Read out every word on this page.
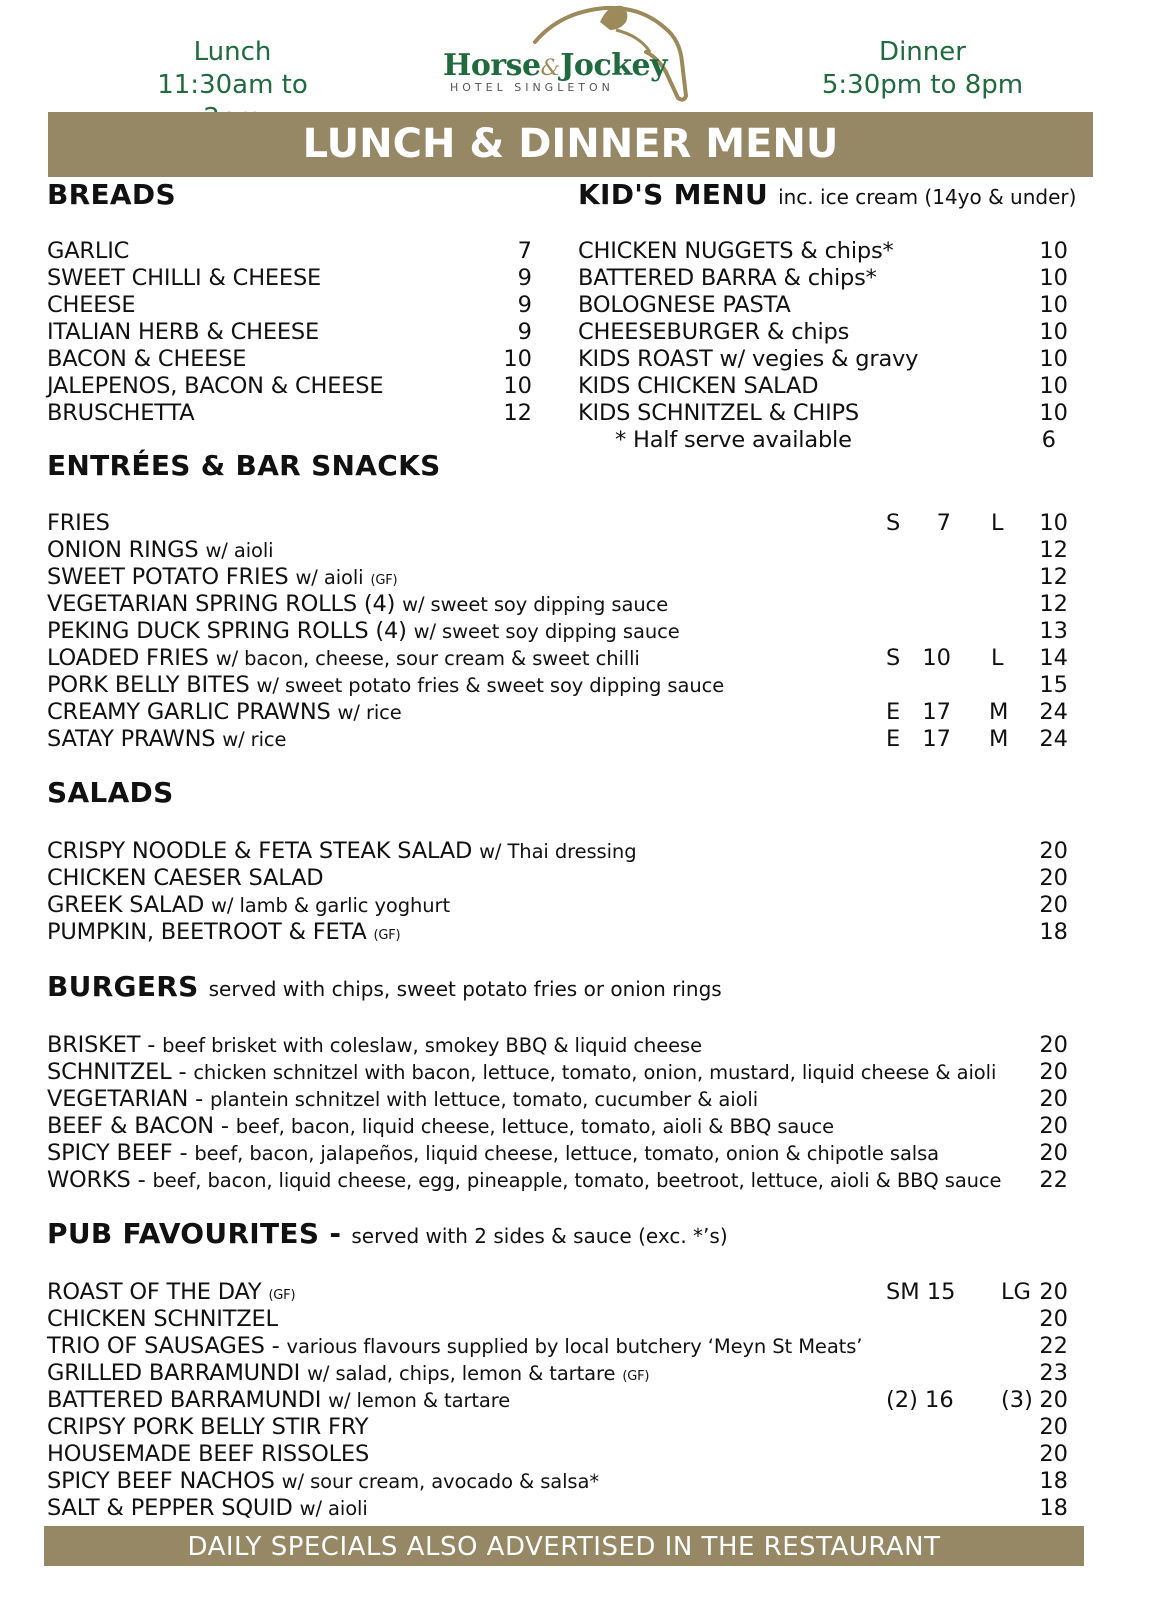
Lunch
11:30am to
Dinner
5:30pm to 8pm
Horse&Jockey
HOTEL SINGLETON
LUNCH & DINNER MENU
BREADS
GARLIC	7
SWEET CHILLI & CHEESE	9
CHEESE	9
ITALIAN HERB & CHEESE	9
BACON & CHEESE	10
JALEPENOS, BACON & CHEESE	10
BRUSCHETTA	12
KID'S MENU inc. ice cream (14yo & under)
CHICKEN NUGGETS & chips*	10
BATTERED BARRA & chips*	10
BOLOGNESE PASTA	10
CHEESEBURGER & chips	10
KIDS ROAST w/ vegies & gravy	10
KIDS CHICKEN SALAD	10
KIDS SCHNITZEL & CHIPS	10
* Half serve available	6
ENTRÉES & BAR SNACKS
FRIES	S	7 L	10
ONION RINGS w/ aioli	12
SWEET POTATO FRIES w/ aioli (GF)	12
VEGETARIAN SPRING ROLLS (4) w/ sweet soy dipping sauce	12
PEKING DUCK SPRING ROLLS (4) w/ sweet soy dipping sauce	13
LOADED FRIES w/ bacon, cheese, sour cream & sweet chilli	S 10 L	14
PORK BELLY BITES w/ sweet potato fries & sweet soy dipping sauce	15
CREAMY GARLIC PRAWNS w/ rice	E 17 M	24
SATAY PRAWNS w/ rice	E 17 M	24
SALADS
CRISPY NOODLE & FETA STEAK SALAD w/ Thai dressing	20
CHICKEN CAESER SALAD	20
GREEK SALAD w/ lamb & garlic yoghurt	20
PUMPKIN, BEETROOT & FETA (GF)	18
BURGERS served with chips, sweet potato fries or onion rings
BRISKET - beef brisket with coleslaw, smokey BBQ & liquid cheese	20
SCHNITZEL - chicken schnitzel with bacon, lettuce, tomato, onion, mustard, liquid cheese & aioli	20
VEGETARIAN - plantein schnitzel with lettuce, tomato, cucumber & aioli	20
BEEF & BACON - beef, bacon, liquid cheese, lettuce, tomato, aioli & BBQ sauce	20
SPICY BEEF - beef, bacon, jalapeños, liquid cheese, lettuce, tomato, onion & chipotle salsa	20
WORKS - beef, bacon, liquid cheese, egg, pineapple, tomato, beetroot, lettuce, aioli & BBQ sauce	22
PUB FAVOURITES - served with 2 sides & sauce (exc. *’s)
ROAST OF THE DAY (GF)	SM 15 LG 20
CHICKEN SCHNITZEL	20
TRIO OF SAUSAGES - various flavours supplied by local butchery ‘Meyn St Meats’	22
GRILLED BARRAMUNDI w/ salad, chips, lemon & tartare (GF)	23
BATTERED BARRAMUNDI w/ lemon & tartare	(2) 16 (3) 20
CRIPSY PORK BELLY STIR FRY	20
HOUSEMADE BEEF RISSOLES	20
SPICY BEEF NACHOS w/ sour cream, avocado & salsa*	18
SALT & PEPPER SQUID w/ aioli	18
DAILY SPECIALS ALSO ADVERTISED IN THE RESTAURANT
